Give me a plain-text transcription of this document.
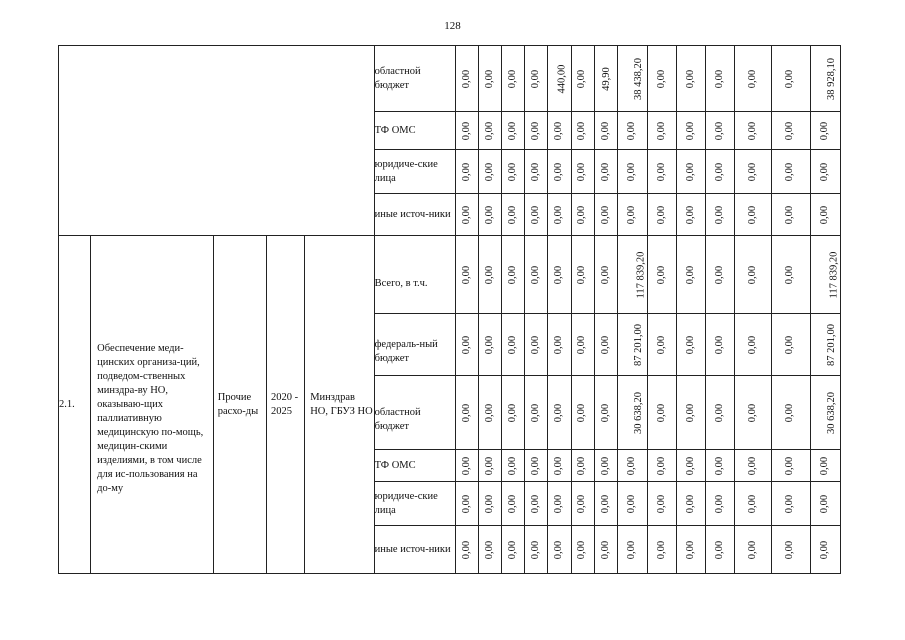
128
					областной бюджет	0,00	0,00	0,00	0,00	440,00	0,00	49,90	38 438,20	0,00	0,00	0,00	0,00	0,00	38 928,10
					ТФ ОМС	0,00	0,00	0,00	0,00	0,00	0,00	0,00	0,00	0,00	0,00	0,00	0,00	0,00	0,00
					юридиче-ские лица	0,00	0,00	0,00	0,00	0,00	0,00	0,00	0,00	0,00	0,00	0,00	0,00	0,00	0,00
					иные источ-ники	0,00	0,00	0,00	0,00	0,00	0,00	0,00	0,00	0,00	0,00	0,00	0,00	0,00	0,00
2.1.	Обеспечение меди-цинских организа-ций, подведом-ственных минздра-ву НО, оказываю-щих паллиативную медицинскую по-мощь, медицин-скими изделиями, в том числе для ис-пользования на до-му	Прочие расхо-ды	2020 - 2025	Минздрав НО, ГБУЗ НО	Всего, в т.ч.	0,00	0,00	0,00	0,00	0,00	0,00	0,00	117 839,20	0,00	0,00	0,00	0,00	0,00	117 839,20
					федераль-ный бюджет	0,00	0,00	0,00	0,00	0,00	0,00	0,00	87 201,00	0,00	0,00	0,00	0,00	0,00	87 201,00
					областной бюджет	0,00	0,00	0,00	0,00	0,00	0,00	0,00	30 638,20	0,00	0,00	0,00	0,00	0,00	30 638,20
					ТФ ОМС	0,00	0,00	0,00	0,00	0,00	0,00	0,00	0,00	0,00	0,00	0,00	0,00	0,00	0,00
					юридиче-ские лица	0,00	0,00	0,00	0,00	0,00	0,00	0,00	0,00	0,00	0,00	0,00	0,00	0,00	0,00
					иные источ-ники	0,00	0,00	0,00	0,00	0,00	0,00	0,00	0,00	0,00	0,00	0,00	0,00	0,00	0,00
